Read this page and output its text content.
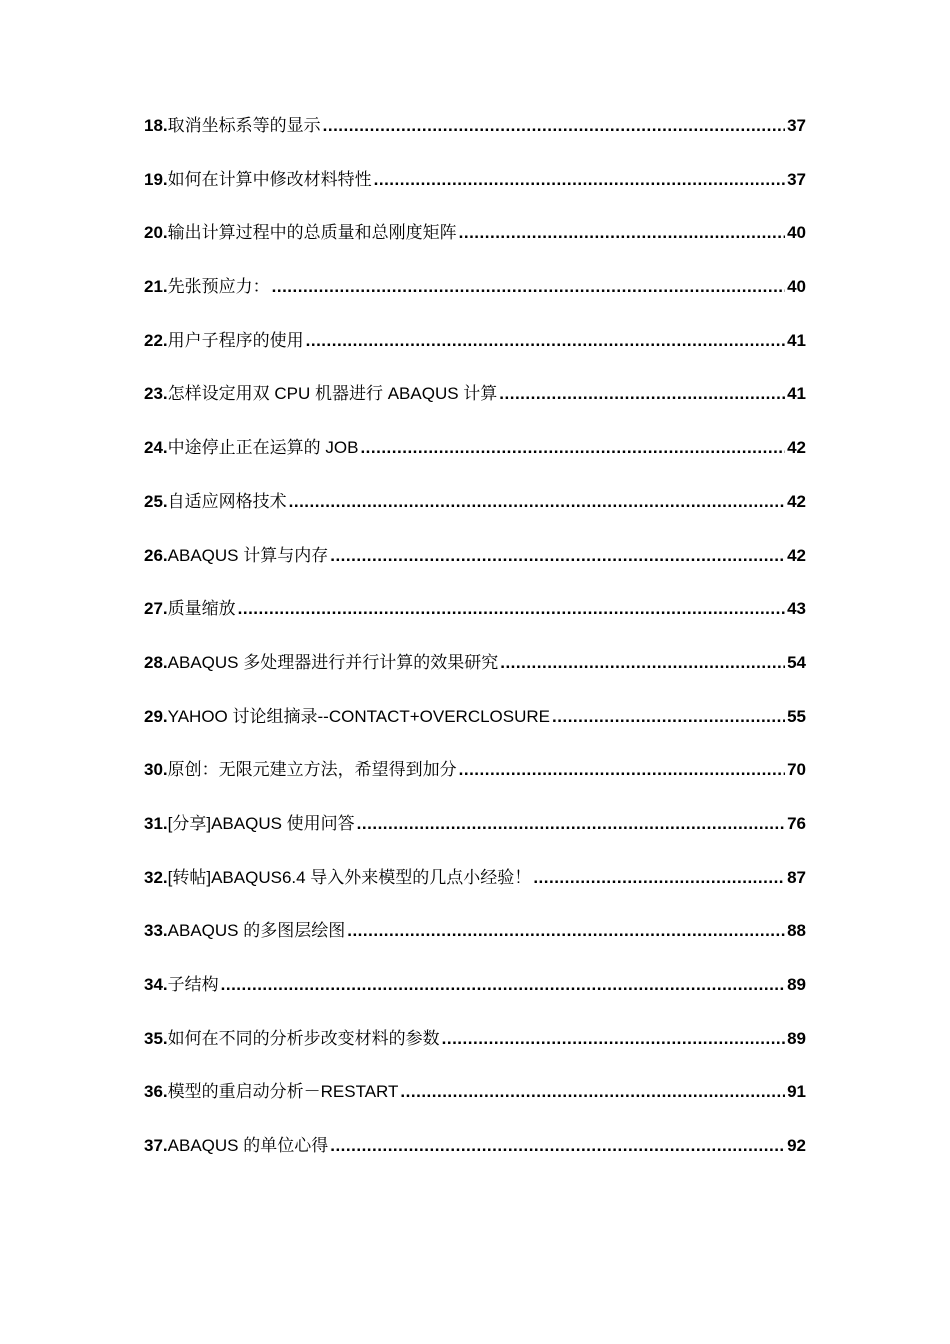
18. 取消坐标系等的显示 .....	37
19. 如何在计算中修改材料特性 .....	37
20. 输出计算过程中的总质量和总刚度矩阵 .....	40
21. 先张预应力： .....	40
22. 用户子程序的使用 .....	41
23. 怎样设定用双 CPU 机器进行 ABAQUS 计算 .....	41
24. 中途停止正在运算的 JOB .....	42
25. 自适应网格技术 .....	42
26. ABAQUS 计算与内存 .....	42
27. 质量缩放 .....	43
28. ABAQUS 多处理器进行并行计算的效果研究 .....	54
29. YAHOO 讨论组摘录--CONTACT+OVERCLOSURE .....	55
30. 原创：无限元建立方法，希望得到加分 .....	70
31. [分享]ABAQUS 使用问答 .....	76
32. [转帖]ABAQUS6.4 导入外来模型的几点小经验！ .....	87
33. ABAQUS 的多图层绘图 .....	88
34. 子结构 .....	89
35. 如何在不同的分析步改变材料的参数 .....	89
36. 模型的重启动分析－RESTART .....	91
37. ABAQUS 的单位心得 .....	92
